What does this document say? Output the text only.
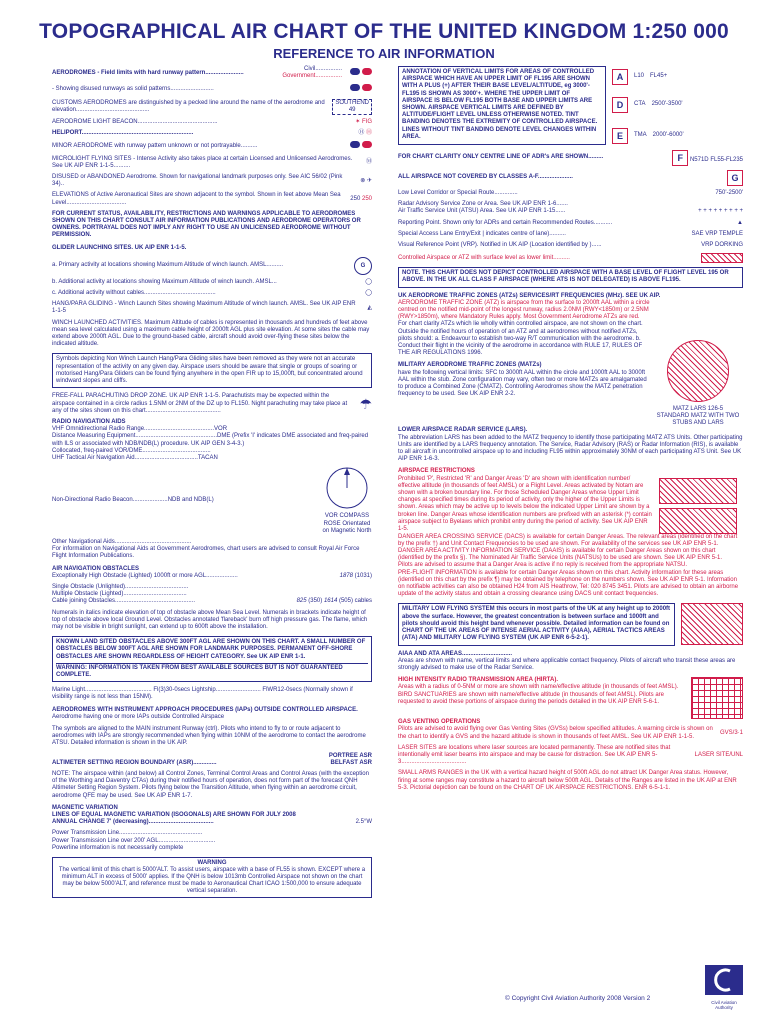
TOPOGRAPHICAL AIR CHART OF THE UNITED KINGDOM 1:250 000
REFERENCE TO AIR INFORMATION
AERODROMES - Field limits with hard runway pattern.......................
Civil................
Government................
- Showing disused runways as solid patterns..........................
CUSTOMS AERODROMES are distinguished by a pecked line around the name of the aerodrome and elevation............................................
SOUTHEND
49
AERODROME LIGHT BEACON................................................	✶ FIG
HELIPORT...................................................................	Ⓗ Ⓗ
MINOR AERODROME with runway pattern unknown or not portrayable..........
MICROLIGHT FLYING SITES - Intense Activity also takes place at certain Licensed and Unlicensed Aerodromes. See UK AIP ENR 1-1-5..........
Ⓜ
DISUSED or ABANDONED Aerodrome. Shown for navigational landmark purposes only. See AIC 56/02 (Pink 34)..
⊗ ✈
ELEVATIONS of Active Aeronautical Sites are shown adjacent to the symbol. Shown in feet above Mean Sea Level....................................
250 250
FOR CURRENT STATUS, AVAILABILITY, RESTRICTIONS AND WARNINGS APPLICABLE TO AERODROMES SHOWN ON THIS CHART CONSULT AIR INFORMATION PUBLICATIONS AND AERODROME OPERATORS OR OWNERS. PORTRAYAL DOES NOT IMPLY ANY RIGHT TO USE AN UNLICENSED AERODROME WITHOUT PERMISSION.
GLIDER LAUNCHING SITES. UK AIP ENR 1-1-5.
a. Primary activity at locations showing Maximum Altitude of winch launch. AMSL..........	G
b. Additional activity at locations showing Maximum Altitude of winch launch. AMSL...	◯
c. Additional activity without cables...........................................	◯
HANG/PARA GLIDING - Winch Launch Sites showing Maximum Altitude of winch launch. AMSL. See UK AIP ENR 1-1-5
◭
WINCH LAUNCHED ACTIVITIES. Maximum Altitude of cables is represented in thousands and hundreds of feet above mean sea level calculated using a maximum cable height of 2000ft AGL plus site elevation. At some sites the cable may extend above 2000ft AGL. Due to the ground-based cable, aircraft should avoid over-flying these sites below the indicated altitude.
Symbols depicting Non Winch Launch Hang/Para Gliding sites have been removed as they were not an accurate representation of the activity on any given day. Airspace users should be aware that single or groups of soaring or motorised Hang/Para Gliders can be found flying anywhere in the open FIR up to 15,000ft, but concentrated around windward slopes and cliffs.
FREE-FALL PARACHUTING DROP ZONE. UK AIP ENR 1-1-5. Parachutists may be expected within the airspace contained in a circle radius 1.5NM or 2NM of the DZ up to FL150. Night parachuting may take place at any of the sites shown on this chart.............................................	☂
RADIO NAVIGATION AIDS
VHF Omnidirectional Radio Range..........................................VOR
Distance Measuring Equipment.................................................DME (Prefix 'I' indicates DME associated and freq-paired with ILS or associated with NDB/NDB(L) procedure. UK AIP GEN 3-4-3.)
Collocated, freq-paired VOR/DME.........................................
UHF Tactical Air Navigation Aid......................................TACAN
Non-Directional Radio Beacon.....................NDB and NDB(L)
VOR COMPASS ROSE Orientated on Magnetic North
Other Navigational Aids..............................................
For information on Navigational Aids at Government Aerodromes, chart users are advised to consult Royal Air Force Flight Information Publications.
AIR NAVIGATION OBSTACLES
Exceptionally High Obstacle (Lighted) 1000ft or more AGL...................	1878 (1031)
Single Obstacle (Unlighted)......................................
Multiple Obstacle (Lighted)......................................
Cable joining Obstacles................................................	825 (350) 1614 (505) cables
Numerals in italics indicate elevation of top of obstacle above Mean Sea Level. Numerals in brackets indicate height of top of obstacle above local Ground Level. Obstacles annotated 'flareback' burn off high pressure gas. The flame, which may not be visible in bright sunlight, can extend up to 600ft above the installation.
KNOWN LAND SITED OBSTACLES ABOVE 300FT AGL ARE SHOWN ON THIS CHART. A SMALL NUMBER OF OBSTACLES BELOW 300FT AGL ARE SHOWN FOR LANDMARK PURPOSES. PERMANENT OFF-SHORE OBSTACLES ARE SHOWN REGARDLESS OF HEIGHT CATEGORY. See UK AIP ENR 1-1.
WARNING: INFORMATION IS TAKEN FROM BEST AVAILABLE SOURCES BUT IS NOT GUARANTEED COMPLETE.
Marine Light........................................ Fl(3)30-0secs Lightship........................... FlWR12-0secs (Normally shown if visibility range is not less than 15NM).
AERODROMES WITH INSTRUMENT APPROACH PROCEDURES (IAPs) OUTSIDE CONTROLLED AIRSPACE.
Aerodrome having one or more IAPs outside Controlled Airspace
The symbols are aligned to the MAIN instrument Runway (ctrl). Pilots who intend to fly to or route adjacent to aerodromes with IAPs are strongly recommended when flying within 10NM of the aerodrome to contact the aerodrome ATSU. Detailed information is shown in the UK AIP.
PORTREE ASR
ALTIMETER SETTING REGION BOUNDARY (ASR)..............	BELFAST ASR
NOTE: The airspace within (and below) all Control Zones, Terminal Control Areas and Control Areas (with the exception of the Worthing and Daventry CTAs) during their notified hours of operation, does not form part of the forecast QNH Altimeter Setting Region System. Pilots flying below the Transition Altitude, when flying within an aerodrome circuit, aerodrome QFE may be used. See UK AIP ENR 1-7.
MAGNETIC VARIATION
LINES OF EQUAL MAGNETIC VARIATION (ISOGONALS) ARE SHOWN FOR JULY 2008
ANNUAL CHANGE 7' (decreasing).......................................	2.5°W
Power Transmission Line..................................................
Power Transmission Line over 200' AGL..................................
Powerline information is not necessarily complete
WARNING
The vertical limit of this chart is 5000'ALT. To assist users, airspace with a base of FL55 is shown. EXCEPT where a minimum ALT in excess of 5000' applies. If the QNH is below 1013mb Controlled Airspace not shown on the chart may be below 5000'ALT, and reference must be made to Aeronautical Chart ICAO 1:500,000 to ensure adequate vertical separation.
ANNOTATION OF VERTICAL LIMITS FOR AREAS OF CONTROLLED AIRSPACE WHICH HAVE AN UPPER LIMIT OF FL195 ARE SHOWN WITH A PLUS (+) AFTER THEIR BASE LEVEL/ALTITUDE, eg 3000'-FL195 IS SHOWN AS 3000'+. WHERE THE UPPER LIMIT OF AIRSPACE IS BELOW FL195 BOTH BASE AND UPPER LIMITS ARE SHOWN. AIRSPACE VERTICAL LIMITS ARE DEFINED BY ALTITUDE/FLIGHT LEVEL UNLESS OTHERWISE NOTED. TINT BANDING DENOTES THE EXTREMITY OF CONTROLLED AIRSPACE. LINES WITHOUT TINT BANDING DENOTE LEVEL CHANGES WITHIN AREA.
A	L10 FL45+
D	CTA 2500'-3500'
E	TMA 2000'-6000'
FOR CHART CLARITY ONLY CENTRE LINE OF ADR's ARE SHOWN.........	F N571D FL55-FL235
ALL AIRSPACE NOT COVERED BY CLASSES A-F.....................	G
Low Level Corridor or Special Route..............	750'-2500'
Radar Advisory Service Zone or Area. See UK AIP ENR 1-6.......
Air Traffic Service Unit (ATSU) Area. See UK AIP ENR 1-15......	+ + + + + + + + +
Reporting Point. Shown only for ADRs and certain Recommended Routes...........	▲
Special Access Lane Entry/Exit | indicates centre of lane)..........	SAE VRP TEMPLE
Visual Reference Point (VRP). Notified in UK AIP (Location identified by )......	VRP DORKING
Controlled Airspace or ATZ with surface level as lower limit..........
NOTE. THIS CHART DOES NOT DEPICT CONTROLLED AIRSPACE WITH A BASE LEVEL OF FLIGHT LEVEL 195 OR ABOVE. IN THE UK ALL CLASS F AIRSPACE (WHERE ATS IS NOT DELEGATED) IS ABOVE FL195.
UK AERODROME TRAFFIC ZONES (ATZs) SERVICES/RT FREQUENCIES (MHz). SEE UK AIP.
AERODROME TRAFFIC ZONE (ATZ) is airspace from the surface to 2000ft AAL within a circle centred on the notified mid-point of the longest runway, radius 2.0NM (RWY<1850m) or 2.5NM (RWY>1850m), where Mandatory Rules apply. Most Government Aerodrome ATZs are red.
For chart clarity ATZs which lie wholly within controlled airspace, are not shown on the chart. Outside the notified hours of operation of an ATZ and at aerodromes without notified ATZs, pilots should: a. Endeavour to establish two-way R/T communication with the aerodrome. b. Conduct their flight in the vicinity of the aerodrome in accordance with RULE 17, RULES OF THE AIR REGULATIONS 1996.
MILITARY AERODROME TRAFFIC ZONES (MATZs)
have the following vertical limits: SFC to 3000ft AAL within the circle and 1000ft AAL to 3000ft AAL within the stub. Zone configuration may vary, often two or more MATZs are amalgamated to produce a Combined Zone (CMATZ). Controlling Aerodromes show the MATZ penetration frequency to be used. See UK AIP ENR 2-2.
MATZ LARS 126-5
STANDARD MATZ WITH TWO STUBS AND LARS
LOWER AIRSPACE RADAR SERVICE (LARS).
The abbreviation LARS has been added to the MATZ frequency to identify those participating MATZ ATS Units. Other participating Units are identified by a LARS frequency annotation. The Service, Radar Advisory (RAS) or Radar Information (RIS), is available to all aircraft in uncontrolled airspace up to and including FL95 within approximately 30NM of each participating ATS Unit. See UK AIP ENR 1-6-3.
AIRSPACE RESTRICTIONS
Prohibited 'P', Restricted 'R' and Danger Areas 'D' are shown with identification number/ effective altitude (in thousands of feet AMSL) or a Flight Level. Areas activated by Notam are shown with a broken boundary line. For those Scheduled Danger Areas whose Upper Limit changes at specified times during its period of activity, only the higher of the Upper Limits is shown. Areas which may be active up to levels below the indicated Upper Limit are shown by a broken line. Danger Areas whose identification numbers are prefixed with an asterisk (*) contain airspace subject to Byelaws which prohibit entry during the period of activity. See UK AIP ENR 1-5.
DANGER AREA CROSSING SERVICE (DACS) is available for certain Danger Areas. The relevant areas (identified on the chart by the prefix †) and Unit Contact Frequencies to be used are shown. For availability of the services see UK AIP ENR 5-1.
DANGER AREA ACTIVITY INFORMATION SERVICE (DAAIS) is available for certain Danger Areas shown on this chart (identified by the prefix §). The Nominated Air Traffic Service Units (NATSUs) to be used are shown. See UK AIP ENR 5-1.
Pilots are advised to assume that a Danger Area is active if no reply is received from the appropriate NATSU.
PRE-FLIGHT INFORMATION is available for certain Danger Areas shown on this chart. Activity information for these areas (identified on this chart by the prefix ¶) may be obtained by telephone on the numbers shown. See UK AIP ENR 5-1. Information on notifiable activities can also be obtained H24 from AIS Heathrow, Tel: 020 8745 3451. Pilots are advised to obtain an airborne update of the activity status and obtain a crossing clearance using DACS unit contact frequencies.
MILITARY LOW FLYING SYSTEM this occurs in most parts of the UK at any height up to 2000ft above the surface. However, the greatest concentration is between surface and 1000ft and pilots should avoid this height band whenever possible. Detailed information can be found on CHART OF THE UK AREAS OF INTENSE AERIAL ACTIVITY (AIAA), AERIAL TACTICS AREAS (ATA) AND MILITARY LOW FLYING SYSTEM (UK AIP ENR 6-5-2-1).
AIAA AND ATA AREAS..............................
Areas are shown with name, vertical limits and where applicable contact frequency. Pilots of aircraft who transit these areas are strongly advised to make use of the Radar Service.
HIGH INTENSITY RADIO TRANSMISSION AREA (HIRTA).
Areas with a radius of 0-5NM or more are shown with name/effective altitude (in thousands of feet AMSL).
BIRD SANCTUARIES are shown with name/effective altitude (in thousands of feet AMSL). Pilots are requested to avoid these portions of airspace during the periods detailed in the UK AIP ENR 5-6-1.
GAS VENTING OPERATIONS
Pilots are advised to avoid flying over Gas Venting Sites (GVSs) below specified altitudes. A warning circle is shown on the chart to identify a GVS and the hazard altitude is shown in thousands of feet AMSL. See UK AIP ENR 1-1-5.
GVS/3·1
LASER SITES are locations where laser sources are located permanently. These are notified sites that intentionally emit laser beams into airspace and may be cause for distraction. See UK AIP ENR 5-3.......................................
LASER SITE/UNL
SMALL ARMS RANGES in the UK with a vertical hazard height of 500ft AGL do not attract UK Danger Area status. However, firing at some ranges may constitute a hazard to aircraft below 500ft AGL. Details of the Ranges are listed in the UK AIP at ENR 5-3. Pictorial depiction can be found on the CHART OF UK AIRSPACE RESTRICTIONS. ENR 6-5-1-1.
© Copyright Civil Aviation Authority 2008 Version 2
Civil Aviation Authority
